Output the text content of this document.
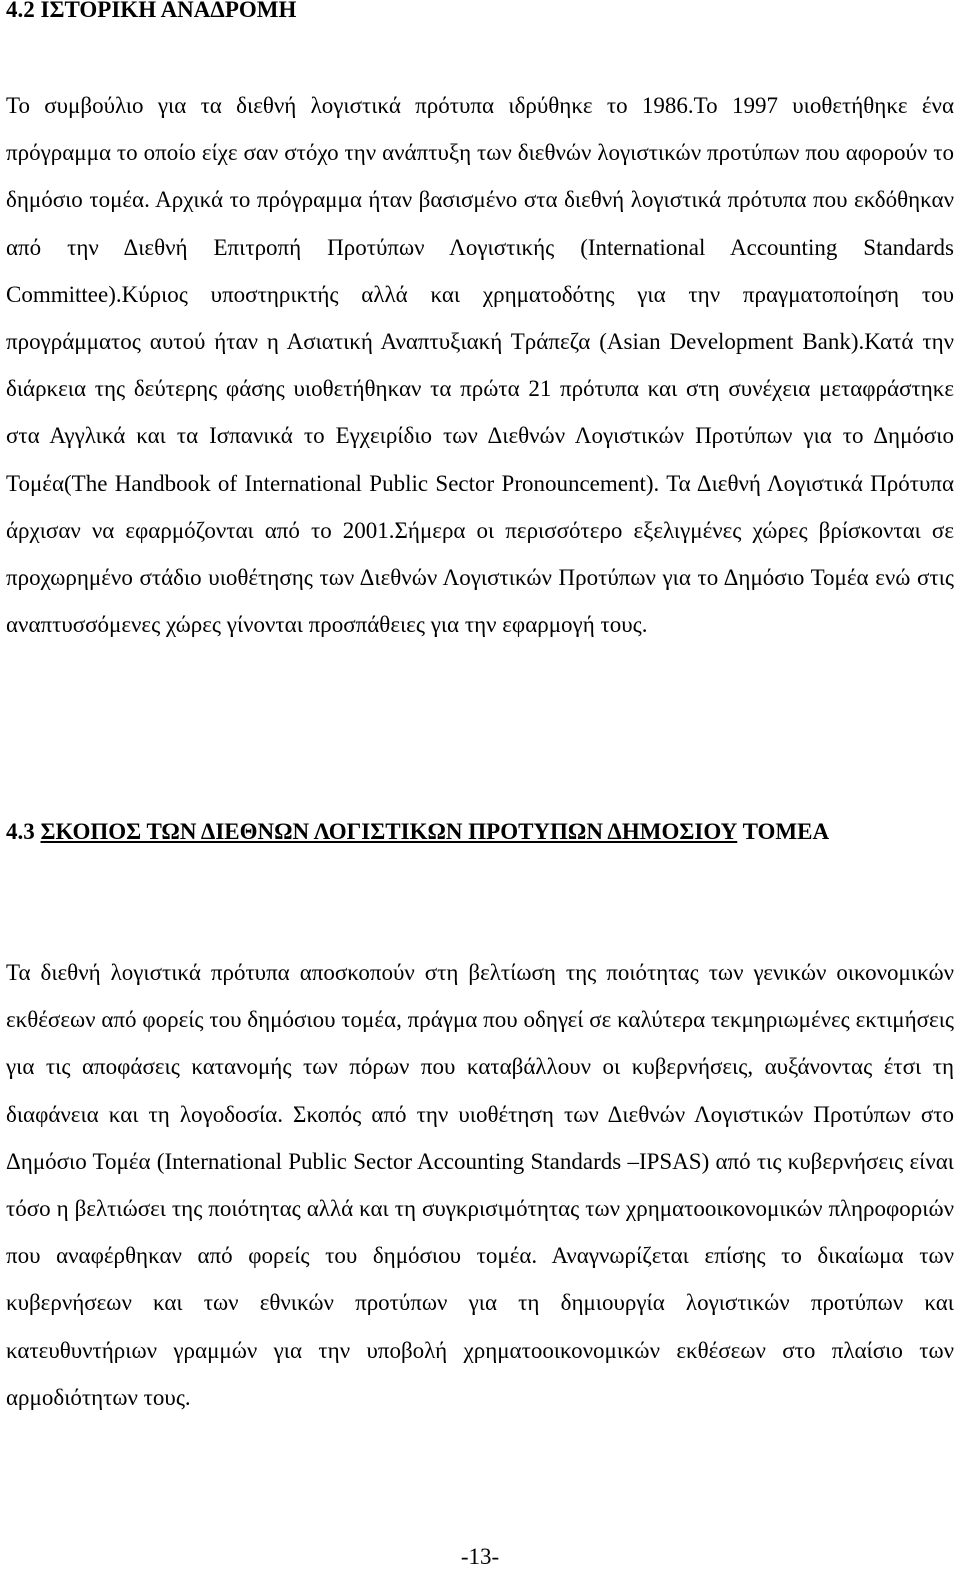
4.2 ΙΣΤΟΡΙΚΗ ΑΝΑΔΡΟΜΗ

Το συμβούλιο για τα διεθνή λογιστικά πρότυπα ιδρύθηκε το 1986.Το 1997 υιοθετήθηκε ένα πρόγραμμα το οποίο είχε σαν στόχο την ανάπτυξη των διεθνών λογιστικών προτύπων που αφορούν το δημόσιο τομέα. Αρχικά το πρόγραμμα ήταν βασισμένο στα διεθνή λογιστικά πρότυπα που εκδόθηκαν από την Διεθνή Επιτροπή Προτύπων Λογιστικής (International Accounting Standards Committee).Κύριος υποστηρικτής αλλά και χρηματοδότης για την πραγματοποίηση του προγράμματος αυτού ήταν η Ασιατική Αναπτυξιακή Τράπεζα (Asian Development Bank).Κατά την διάρκεια της δεύτερης φάσης υιοθετήθηκαν τα πρώτα 21 πρότυπα και στη συνέχεια μεταφράστηκε στα Αγγλικά και τα Ισπανικά το Εγχειρίδιο των Διεθνών Λογιστικών Προτύπων για το Δημόσιο Τομέα(The Handbook of International Public Sector Pronouncement). Τα Διεθνή Λογιστικά Πρότυπα άρχισαν να εφαρμόζονται από το 2001.Σήμερα οι περισσότερο εξελιγμένες χώρες βρίσκονται σε προχωρημένο στάδιο υιοθέτησης των Διεθνών Λογιστικών Προτύπων για το Δημόσιο Τομέα ενώ στις αναπτυσσόμενες χώρες γίνονται προσπάθειες για την εφαρμογή τους.

4.3 ΣΚΟΠΟΣ ΤΩΝ ΔΙΕΘΝΩΝ ΛΟΓΙΣΤΙΚΩΝ ΠΡΟΤΥΠΩΝ ΔΗΜΟΣΙΟΥ ΤΟΜΕΑ

Τα διεθνή λογιστικά πρότυπα αποσκοπούν στη βελτίωση της ποιότητας των γενικών οικονομικών εκθέσεων από φορείς του δημόσιου τομέα, πράγμα που οδηγεί σε καλύτερα τεκμηριωμένες εκτιμήσεις για τις αποφάσεις κατανομής των πόρων που καταβάλλουν οι κυβερνήσεις, αυξάνοντας έτσι τη διαφάνεια και τη λογοδοσία. Σκοπός από την υιοθέτηση των Διεθνών Λογιστικών Προτύπων στο Δημόσιο Τομέα (International Public Sector Accounting Standards –IPSAS) από τις κυβερνήσεις είναι τόσο η βελτιώσει της ποιότητας αλλά και τη συγκρισιμότητας των χρηματοοικονομικών πληροφοριών που αναφέρθηκαν από φορείς του δημόσιου τομέα. Αναγνωρίζεται επίσης το δικαίωμα των κυβερνήσεων και των εθνικών προτύπων για τη δημιουργία λογιστικών προτύπων και κατευθυντήριων γραμμών για την υποβολή χρηματοοικονομικών εκθέσεων στο πλαίσιο των αρμοδιότητων τους.

-13-
